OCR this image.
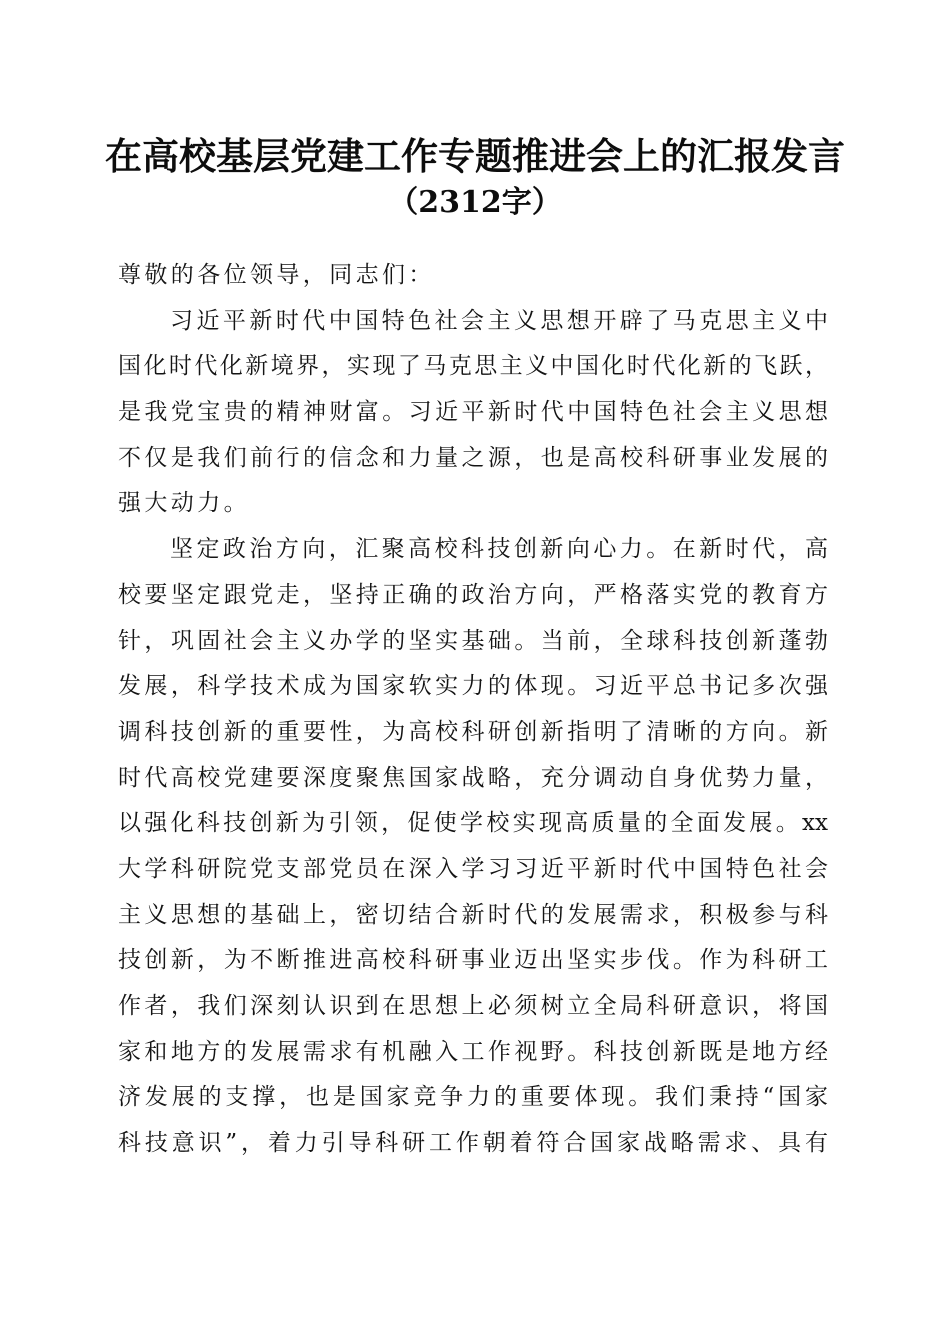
在高校基层党建工作专题推进会上的汇报发言
（2312字）
尊敬的各位领导，同志们：
习近平新时代中国特色社会主义思想开辟了马克思主义中
国化时代化新境界，实现了马克思主义中国化时代化新的飞跃，
是我党宝贵的精神财富。习近平新时代中国特色社会主义思想
不仅是我们前行的信念和力量之源，也是高校科研事业发展的
强大动力。
坚定政治方向，汇聚高校科技创新向心力。在新时代，高
校要坚定跟党走，坚持正确的政治方向，严格落实党的教育方
针，巩固社会主义办学的坚实基础。当前，全球科技创新蓬勃
发展，科学技术成为国家软实力的体现。习近平总书记多次强
调科技创新的重要性，为高校科研创新指明了清晰的方向。新
时代高校党建要深度聚焦国家战略，充分调动自身优势力量，
以强化科技创新为引领，促使学校实现高质量的全面发展。xx
大学科研院党支部党员在深入学习习近平新时代中国特色社会
主义思想的基础上，密切结合新时代的发展需求，积极参与科
技创新，为不断推进高校科研事业迈出坚实步伐。作为科研工
作者，我们深刻认识到在思想上必须树立全局科研意识，将国
家和地方的发展需求有机融入工作视野。科技创新既是地方经
济发展的支撑，也是国家竞争力的重要体现。我们秉持“国家
科技意识”，着力引导科研工作朝着符合国家战略需求、具有
